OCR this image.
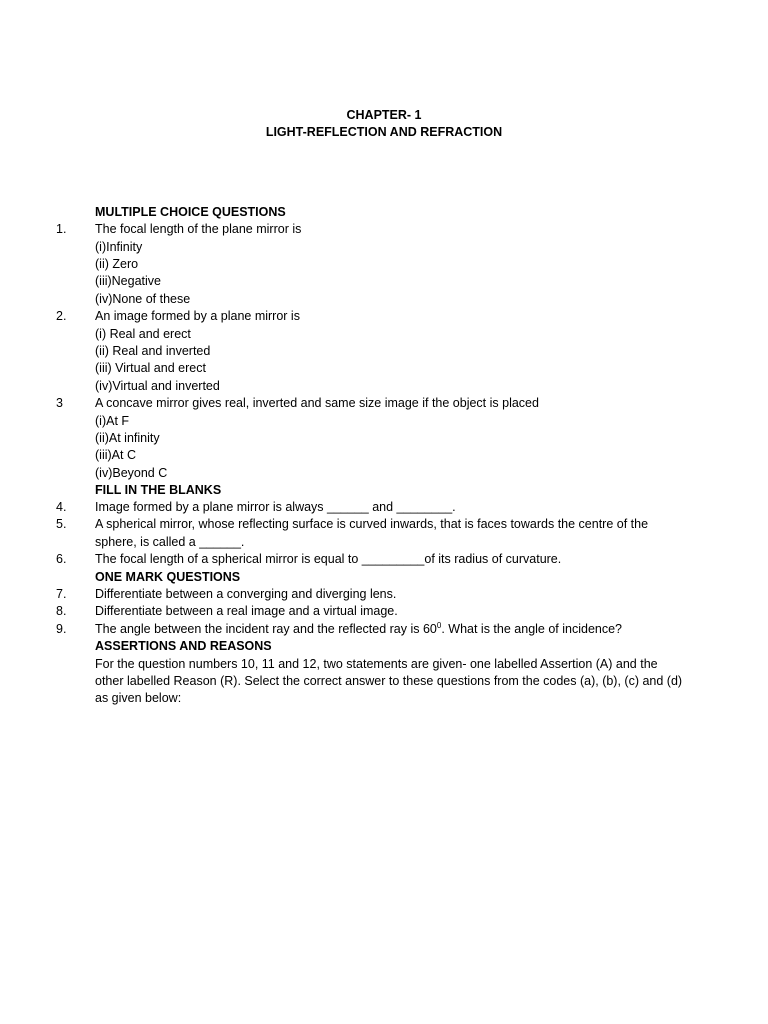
CHAPTER- 1
LIGHT-REFLECTION AND REFRACTION
MULTIPLE CHOICE QUESTIONS
1.	The focal length of the plane mirror is
(i)Infinity
(ii) Zero
(iii)Negative
(iv)None of these
2.	An image formed by a plane mirror is
(i) Real and erect
(ii) Real and inverted
(iii) Virtual and erect
(iv)Virtual and inverted
3	A concave mirror gives real, inverted and same size image if the object is placed
(i)At F
(ii)At infinity
(iii)At C
(iv)Beyond C
FILL IN THE BLANKS
4.	Image formed by a plane mirror is always ______ and ________.
5.	A spherical mirror, whose reflecting surface is curved inwards, that is faces towards the centre of the
sphere, is called a ______.
6.	The focal length of a spherical mirror is equal to _________of its radius of curvature.
ONE MARK QUESTIONS
7.	Differentiate between a converging and diverging lens.
8.	Differentiate between a real image and a virtual image.
9.	The angle between the incident ray and the reflected ray is $60^0$. What is the angle of incidence?
ASSERTIONS AND REASONS
For the question numbers 10, 11 and 12, two statements are given- one labelled Assertion (A) and the
other labelled Reason (R). Select the correct answer to these questions from the codes (a), (b), (c) and (d)
as given below:
